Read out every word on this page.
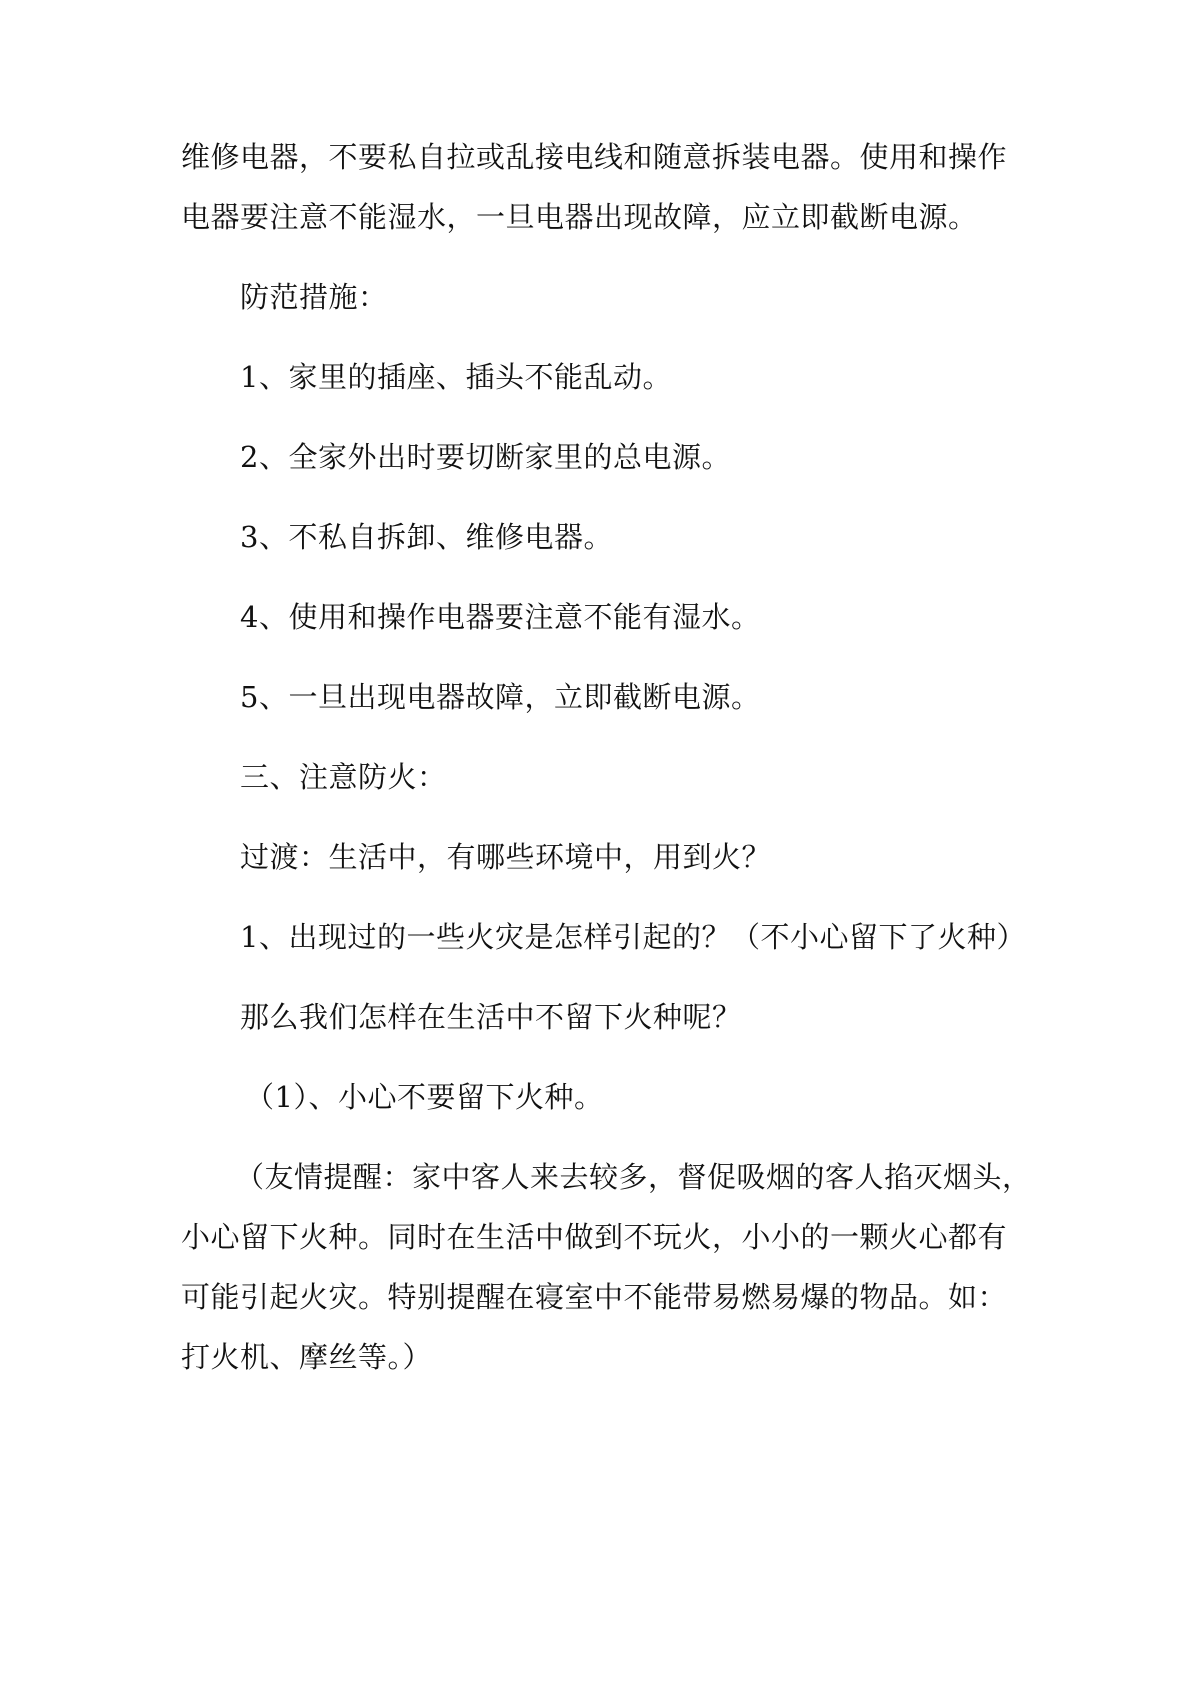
维修电器，不要私自拉或乱接电线和随意拆装电器。使用和操作
电器要注意不能湿水，一旦电器出现故障，应立即截断电源。
防范措施：
1、家里的插座、插头不能乱动。
2、全家外出时要切断家里的总电源。
3、不私自拆卸、维修电器。
4、使用和操作电器要注意不能有湿水。
5、一旦出现电器故障，立即截断电源。
三、注意防火：
过渡：生活中，有哪些环境中，用到火？
1、出现过的一些火灾是怎样引起的？（不小心留下了火种）
那么我们怎样在生活中不留下火种呢？
（1）、小心不要留下火种。
（友情提醒：家中客人来去较多，督促吸烟的客人掐灭烟头，
小心留下火种。同时在生活中做到不玩火，小小的一颗火心都有
可能引起火灾。特别提醒在寝室中不能带易燃易爆的物品。如：
打火机、摩丝等。）
